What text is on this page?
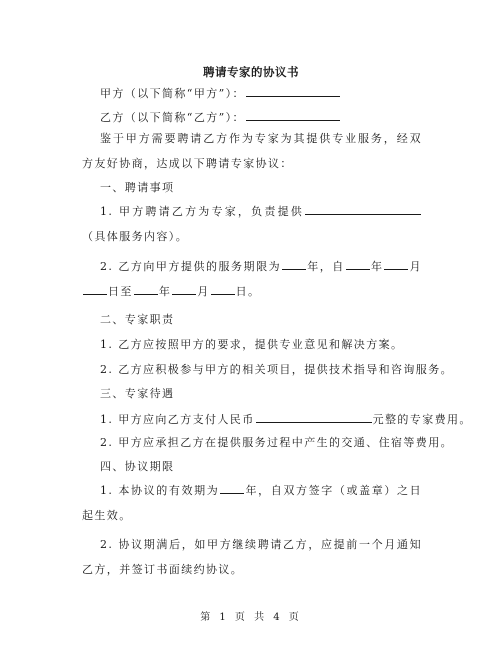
聘请专家的协议书
甲方（以下简称“甲方”）：
乙方（以下简称“乙方”）：
鉴于甲方需要聘请乙方作为专家为其提供专业服务，经双方友好协商，达成以下聘请专家协议：
一、聘请事项
1. 甲方聘请乙方为专家，负责提供（具体服务内容）。
2. 乙方向甲方提供的服务期限为 年，自 年 月日至 年 月 日。
二、专家职责
1. 乙方应按照甲方的要求，提供专业意见和解决方案。
2. 乙方应积极参与甲方的相关项目，提供技术指导和咨询服务。
三、专家待遇
1. 甲方应向乙方支付人民币	元整的专家费用。
2. 甲方应承担乙方在提供服务过程中产生的交通、住宿等费用。
四、协议期限
1. 本协议的有效期为 年，自双方签字（或盖章）之日起生效。
2. 协议期满后，如甲方继续聘请乙方，应提前一个月通知乙方，并签订书面续约协议。
第 1 页 共 4 页
